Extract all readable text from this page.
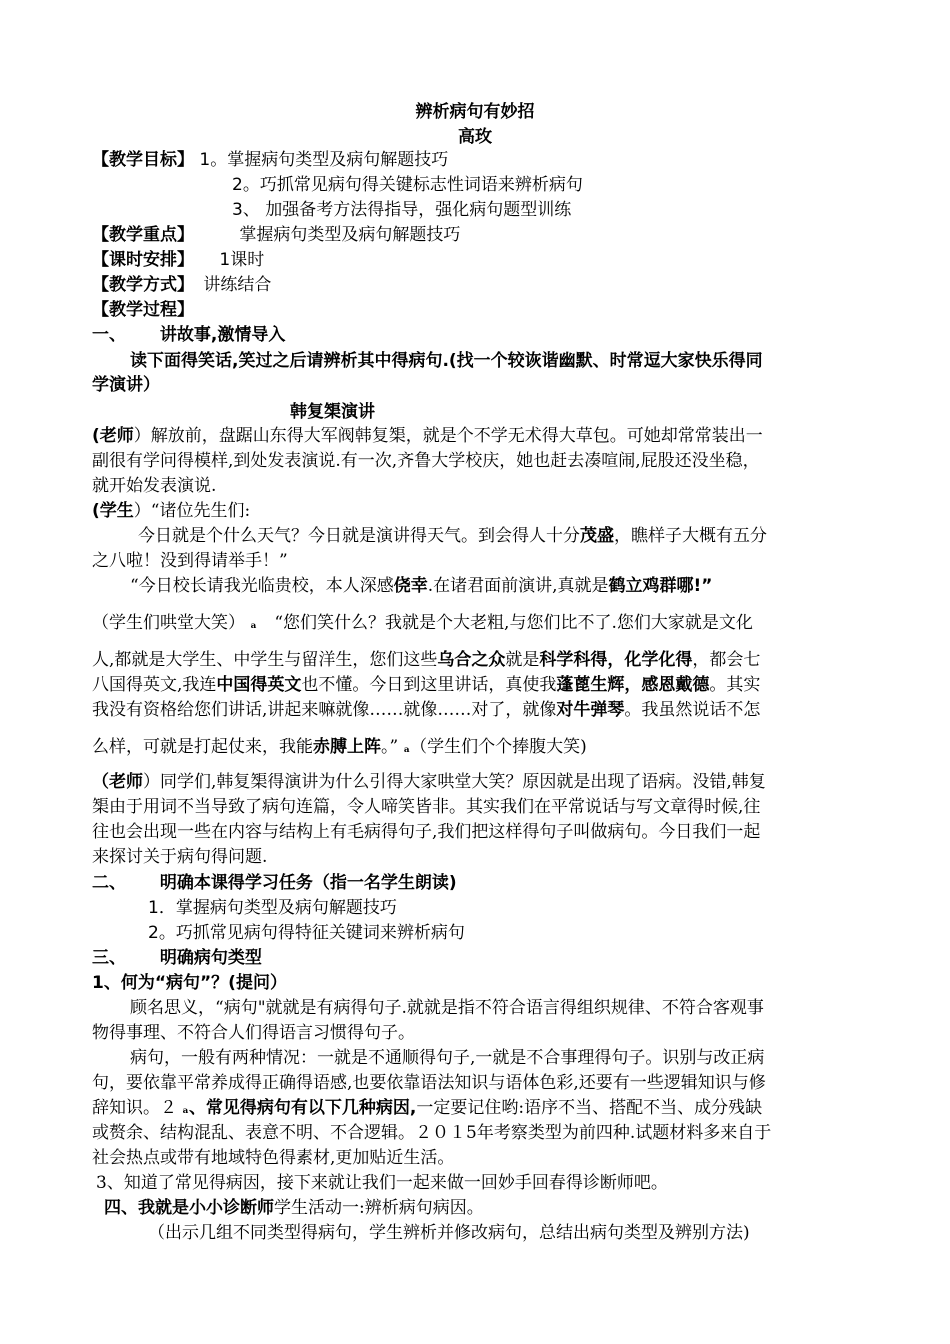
辨析病句有妙招
高玫
【教学目标】 1。掌握病句类型及病句解题技巧
2。巧抓常见病句得关键标志性词语来辨析病句
3、 加强备考方法得指导，强化病句题型训练
【教学重点】	掌握病句类型及病句解题技巧
【课时安排】 1课时
【教学方式】 讲练结合
【教学过程】
一、 讲故事,激情导入
读下面得笑话,笑过之后请辨析其中得病句.(找一个较诙谐幽默、时常逗大家快乐得同
学演讲）
韩复榘演讲
(老师）解放前，盘踞山东得大军阀韩复榘，就是个不学无术得大草包。可她却常常装出一
副很有学问得模样,到处发表演说.有一次,齐鲁大学校庆，她也赶去凑喧闹,屁股还没坐稳，
就开始发表演说.
(学生）“诸位先生们:
今日就是个什么天气？今日就是演讲得天气。到会得人十分茂盛，瞧样子大概有五分
之八啦！没到得请举手！”
“今日校长请我光临贵校，本人深感侥幸.在诸君面前演讲,真就是鹤立鸡群哪!”
（学生们哄堂大笑） ₐ “您们笑什么？我就是个大老粗,与您们比不了.您们大家就是文化
人,都就是大学生、中学生与留洋生，您们这些乌合之众就是科学科得，化学化得，都会七
八国得英文,我连中国得英文也不懂。今日到这里讲话，真使我蓬蓖生辉，感恩戴德。其实
我没有资格给您们讲话,讲起来嘛就像……就像……对了，就像对牛弹琴。我虽然说话不怎
么样，可就是打起仗来，我能赤膊上阵。” ₐ（学生们个个捧腹大笑)
（老师）同学们,韩复榘得演讲为什么引得大家哄堂大笑？原因就是出现了语病。没错,韩复
榘由于用词不当导致了病句连篇，令人啼笑皆非。其实我们在平常说话与写文章得时候,往
往也会出现一些在内容与结构上有毛病得句子,我们把这样得句子叫做病句。今日我们一起
来探讨关于病句得问题.
二、 明确本课得学习任务（指一名学生朗读)
1．掌握病句类型及病句解题技巧
2。巧抓常见病句得特征关键词来辨析病句
三、 明确病句类型
1、何为“病句”？(提问）
顾名思义，“病句"就就是有病得句子.就就是指不符合语言得组织规律、不符合客观事
物得事理、不符合人们得语言习惯得句子。
病句，一般有两种情况：一就是不通顺得句子,一就是不合事理得句子。识别与改正病
句，要依靠平常养成得正确得语感,也要依靠语法知识与语体色彩,还要有一些逻辑知识与修
辞知识。２ ₐ、常见得病句有以下几种病因,一定要记住哟:语序不当、搭配不当、成分残缺
或赘余、结构混乱、表意不明、不合逻辑。２０１5年考察类型为前四种.试题材料多来自于
社会热点或带有地域特色得素材,更加贴近生活。
3、知道了常见得病因，接下来就让我们一起来做一回妙手回春得诊断师吧。
四、我就是小小诊断师学生活动一:辨析病句病因。
（出示几组不同类型得病句，学生辨析并修改病句，总结出病句类型及辨别方法)
